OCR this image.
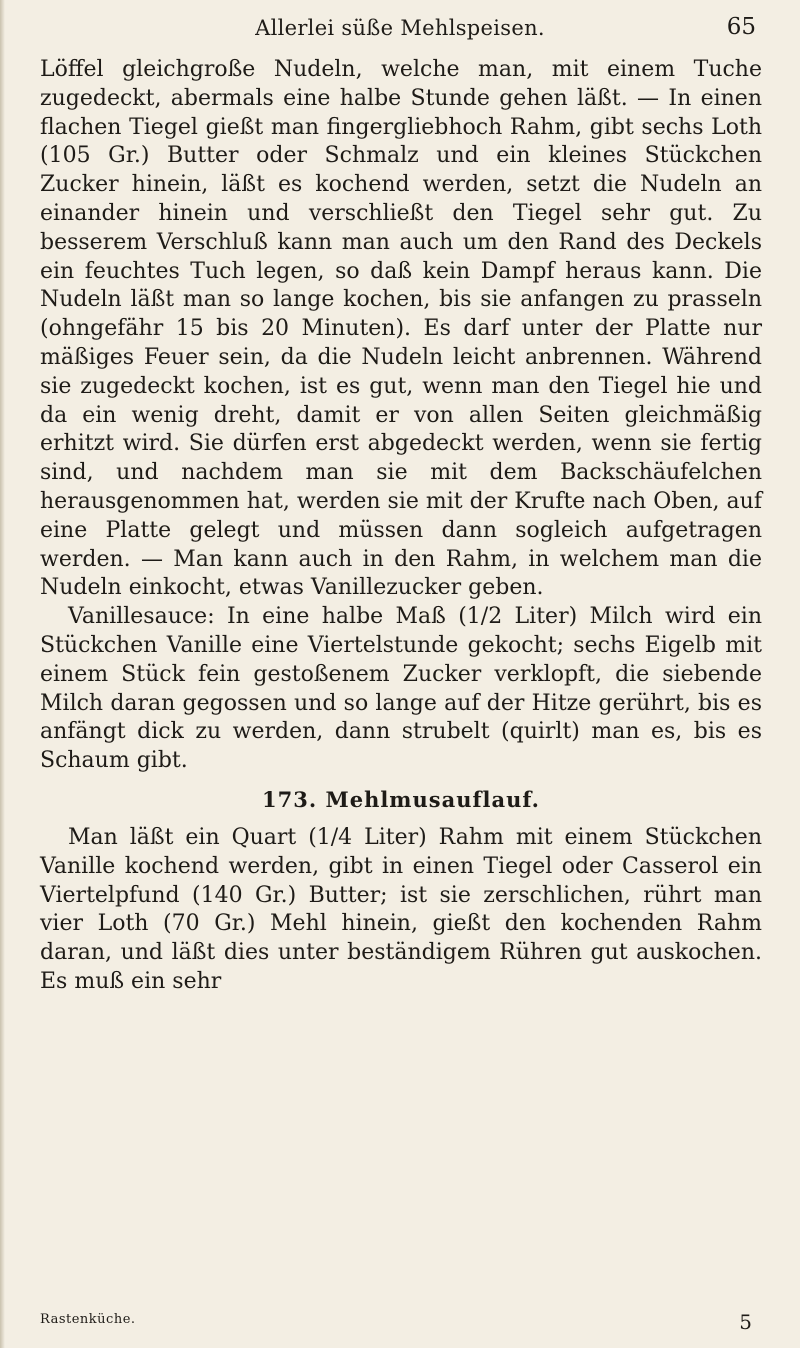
Allerlei süße Mehlspeisen.	65

Löffel gleichgroße Nudeln, welche man, mit einem Tuche zugedeckt, abermals eine halbe Stunde gehen läßt. — In einen flachen Tiegel gießt man fingergliebhoch Rahm, gibt sechs Loth (105 Gr.) Butter oder Schmalz und ein kleines Stückchen Zucker hinein, läßt es kochend werden, setzt die Nudeln an einander hinein und verschließt den Tiegel sehr gut. Zu besserem Verschluß kann man auch um den Rand des Deckels ein feuchtes Tuch legen, so daß kein Dampf heraus kann. Die Nudeln läßt man so lange kochen, bis sie anfangen zu prasseln (ohngefähr 15 bis 20 Minuten). Es darf unter der Platte nur mäßiges Feuer sein, da die Nudeln leicht anbrennen. Während sie zugedeckt kochen, ist es gut, wenn man den Tiegel hie und da ein wenig dreht, damit er von allen Seiten gleichmäßig erhitzt wird. Sie dürfen erst abgedeckt werden, wenn sie fertig sind, und nachdem man sie mit dem Backschäufelchen herausgenommen hat, werden sie mit der Krufte nach Oben, auf eine Platte gelegt und müssen dann sogleich aufgetragen werden. — Man kann auch in den Rahm, in welchem man die Nudeln einkocht, etwas Vanillezucker geben.

Vanillesauce: In eine halbe Maß (1/2 Liter) Milch wird ein Stückchen Vanille eine Viertelstunde gekocht; sechs Eigelb mit einem Stück fein gestoßenem Zucker verklopft, die siebende Milch daran gegossen und so lange auf der Hitze gerührt, bis es anfängt dick zu werden, dann strubelt (quirlt) man es, bis es Schaum gibt.

173. Mehlmusauflauf.

Man läßt ein Quart (1/4 Liter) Rahm mit einem Stückchen Vanille kochend werden, gibt in einen Tiegel oder Casserol ein Viertelpfund (140 Gr.) Butter; ist sie zerschlichen, rührt man vier Loth (70 Gr.) Mehl hinein, gießt den kochenden Rahm daran, und läßt dies unter beständigem Rühren gut auskochen. Es muß ein sehr

Rastenküche.	5
